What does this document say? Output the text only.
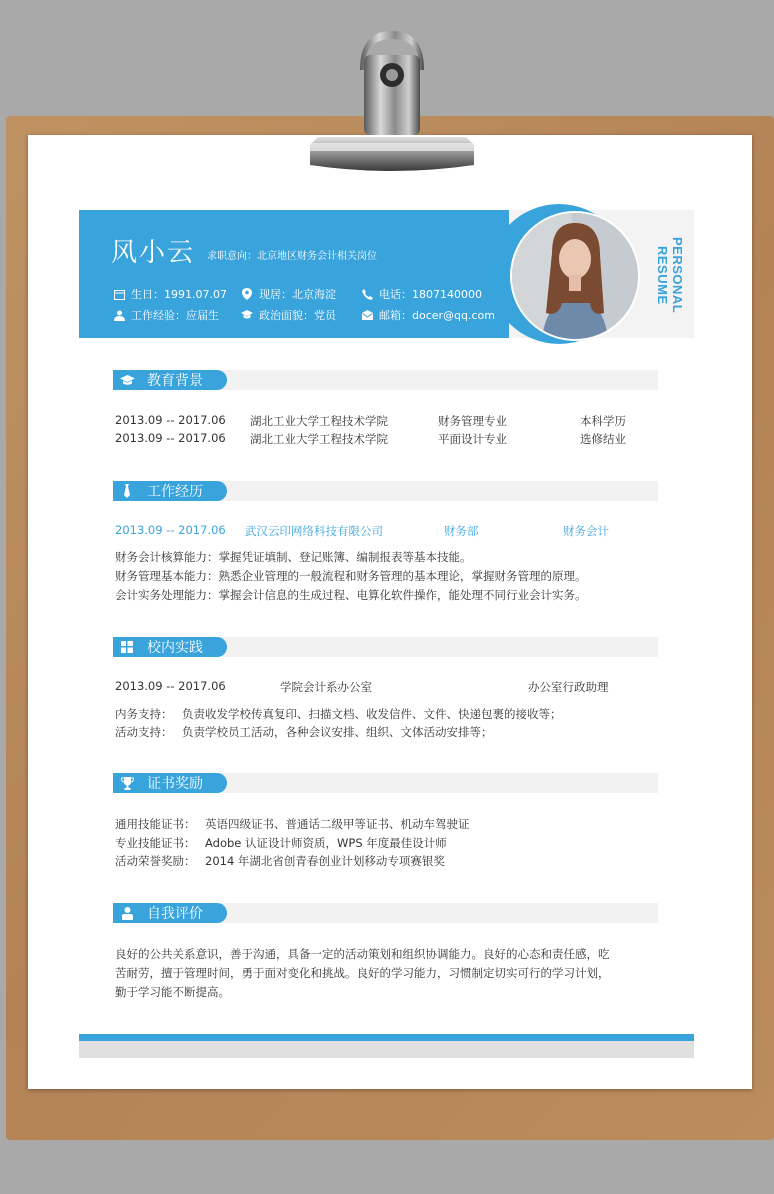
PERSONAL RESUME
风小云 求职意向：北京地区财务会计相关岗位
生日：1991.07.07	现居：北京海淀	电话：1807140000
工作经验：应届生	政治面貌：党员	邮箱：docer@qq.com
教育背景
2013.09 -- 2017.06 湖北工业大学工程技术学院	财务管理专业	本科学历
2013.09 -- 2017.06 湖北工业大学工程技术学院	平面设计专业	选修结业
工作经历
2013.09 -- 2017.06 武汉云印网络科技有限公司	财务部	财务会计
财务会计核算能力：掌握凭证填制、登记账簿、编制报表等基本技能。
财务管理基本能力：熟悉企业管理的一般流程和财务管理的基本理论，掌握财务管理的原理。
会计实务处理能力：掌握会计信息的生成过程、电算化软件操作，能处理不同行业会计实务。
校内实践
2013.09 -- 2017.06	学院会计系办公室	办公室行政助理
内务支持： 负责收发学校传真复印、扫描文档、收发信件、文件、快递包裹的接收等；
活动支持： 负责学校员工活动，各种会议安排、组织、文体活动安排等；
证书奖励
通用技能证书： 英语四级证书、普通话二级甲等证书、机动车驾驶证
专业技能证书： Adobe 认证设计师资质，WPS 年度最佳设计师
活动荣誉奖励： 2014 年湖北省创青春创业计划移动专项赛银奖
自我评价
良好的公共关系意识，善于沟通，具备一定的活动策划和组织协调能力。良好的心态和责任感，吃
苦耐劳，擅于管理时间，勇于面对变化和挑战。良好的学习能力，习惯制定切实可行的学习计划，
勤于学习能不断提高。
